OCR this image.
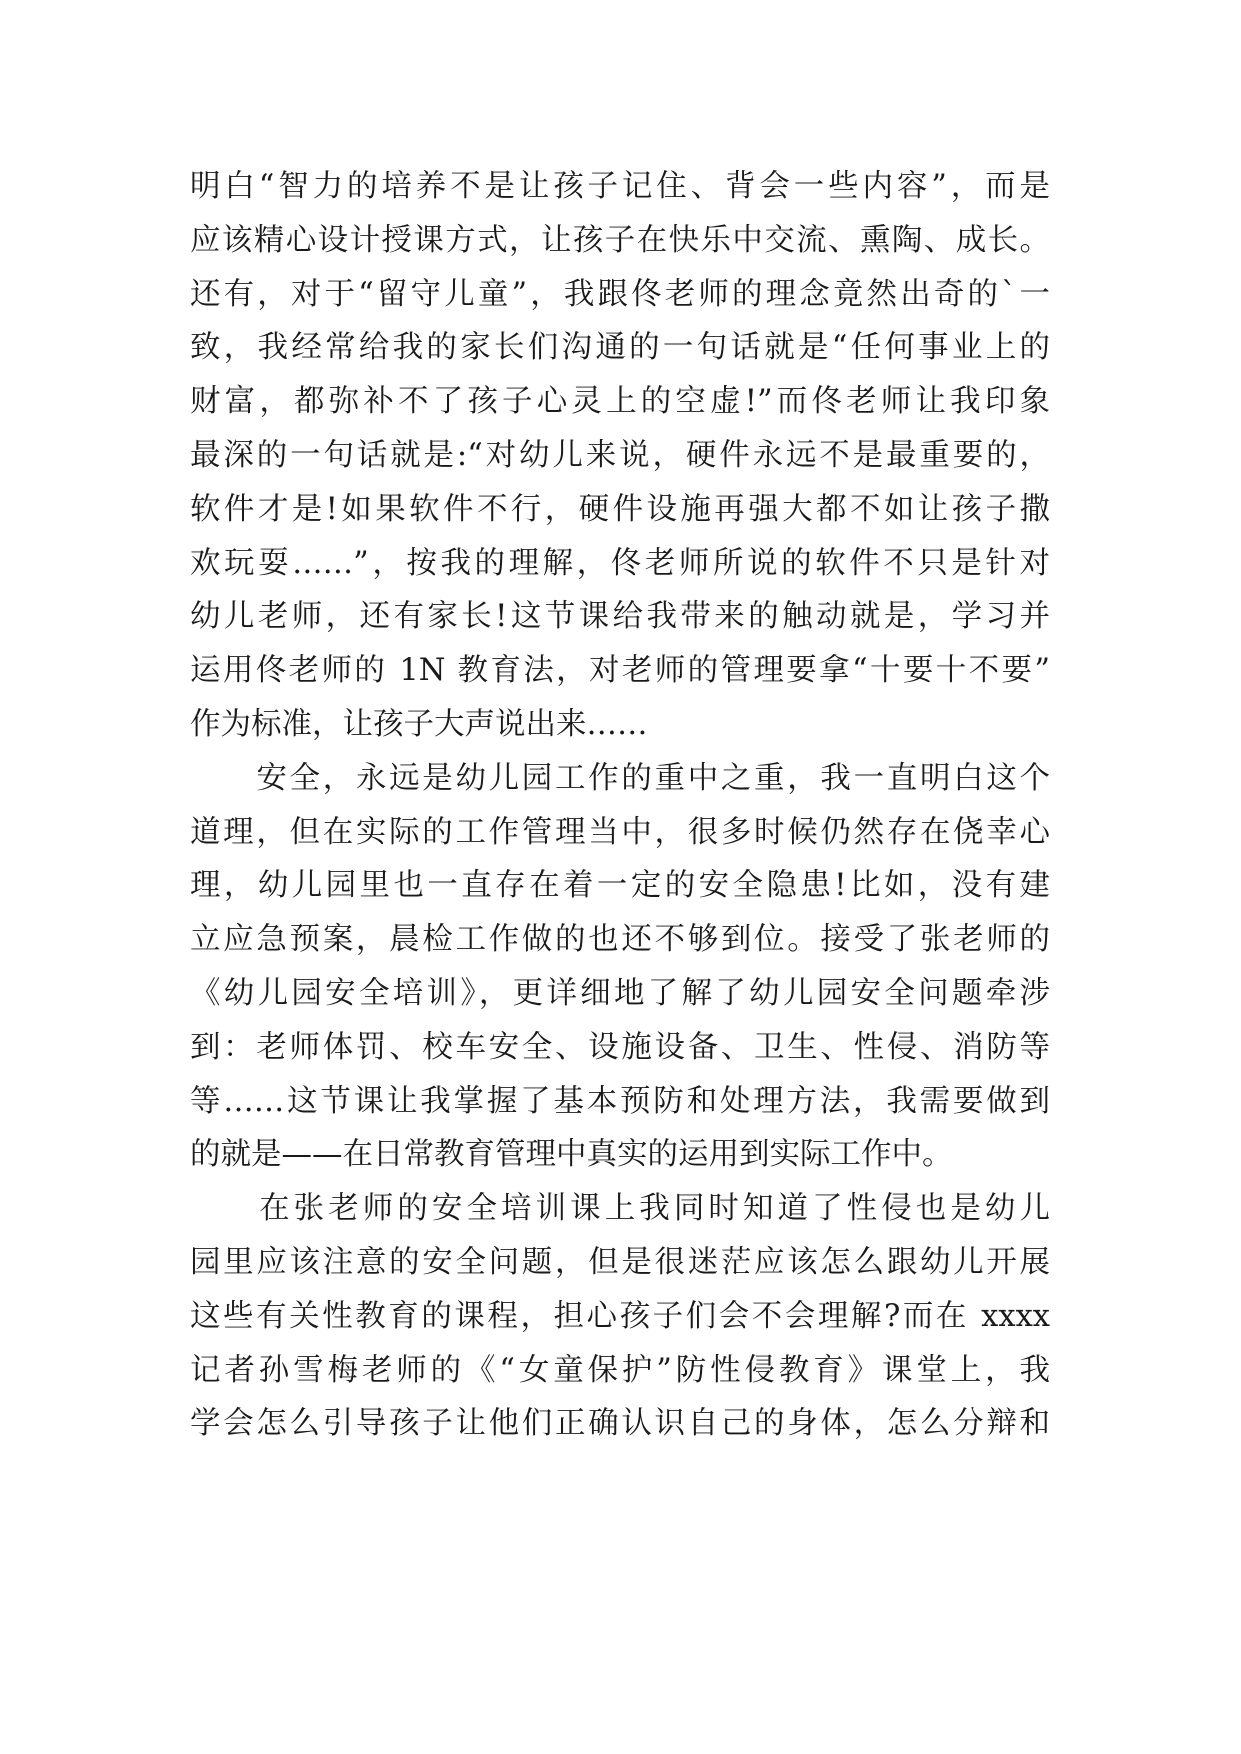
明白“智力的培养不是让孩子记住、背会一些内容”，而是
应该精心设计授课方式，让孩子在快乐中交流、熏陶、成长。
还有，对于“留守儿童”，我跟佟老师的理念竟然出奇的`一
致，我经常给我的家长们沟通的一句话就是“任何事业上的
财富，都弥补不了孩子心灵上的空虚!”而佟老师让我印象
最深的一句话就是:“对幼儿来说，硬件永远不是最重要的，
软件才是!如果软件不行，硬件设施再强大都不如让孩子撒
欢玩耍……”，按我的理解，佟老师所说的软件不只是针对
幼儿老师，还有家长!这节课给我带来的触动就是，学习并
运用佟老师的 1N 教育法，对老师的管理要拿“十要十不要”
作为标准，让孩子大声说出来……
　　安全，永远是幼儿园工作的重中之重，我一直明白这个
道理，但在实际的工作管理当中，很多时候仍然存在侥幸心
理，幼儿园里也一直存在着一定的安全隐患!比如，没有建
立应急预案，晨检工作做的也还不够到位。接受了张老师的
《幼儿园安全培训》，更详细地了解了幼儿园安全问题牵涉
到：老师体罚、校车安全、设施设备、卫生、性侵、消防等
等……这节课让我掌握了基本预防和处理方法，我需要做到
的就是——在日常教育管理中真实的运用到实际工作中。
　　在张老师的安全培训课上我同时知道了性侵也是幼儿
园里应该注意的安全问题，但是很迷茫应该怎么跟幼儿开展
这些有关性教育的课程，担心孩子们会不会理解?而在 xxxx
记者孙雪梅老师的《“女童保护”防性侵教育》课堂上，我
学会怎么引导孩子让他们正确认识自己的身体，怎么分辩和
